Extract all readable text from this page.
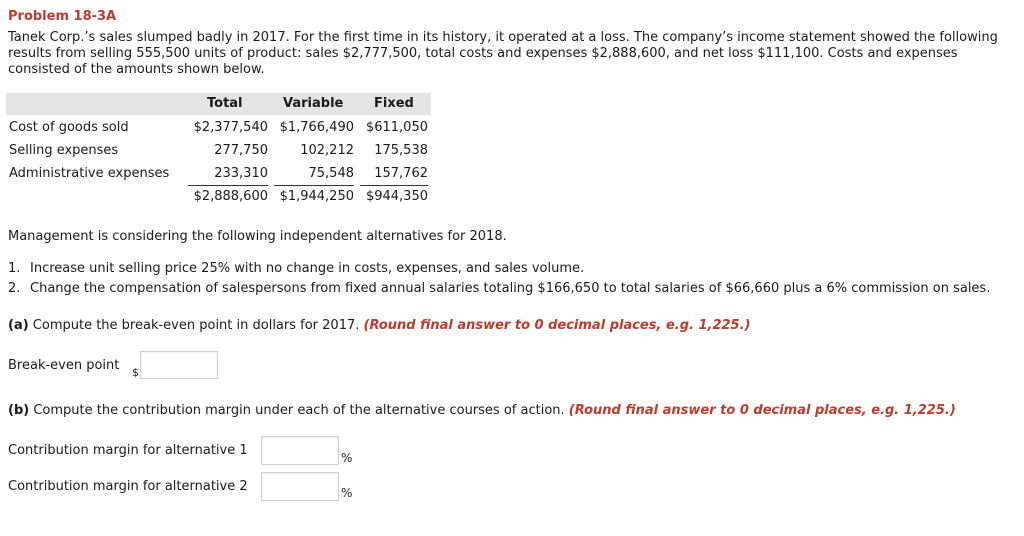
Problem 18-3A
Tanek Corp.’s sales slumped badly in 2017. For the first time in its history, it operated at a loss. The company’s income statement showed the following results from selling 555,500 units of product: sales $2,777,500, total costs and expenses $2,888,600, and net loss $111,100. Costs and expenses consisted of the amounts shown below.
Total	Variable Fixed
Cost of goods sold	$2,377,540 $1,766,490 $611,050
Selling expenses	277,750	102,212	175,538
Administrative expenses	233,310	75,548	157,762
$2,888,600 $1,944,250 $944,350
Management is considering the following independent alternatives for 2018.
1. Increase unit selling price 25% with no change in costs, expenses, and sales volume.
2. Change the compensation of salespersons from fixed annual salaries totaling $166,650 to total salaries of $66,660 plus a 6% commission on sales.
(a) Compute the break-even point in dollars for 2017. (Round final answer to 0 decimal places, e.g. 1,225.)
Break-even point $
(b) Compute the contribution margin under each of the alternative courses of action. (Round final answer to 0 decimal places, e.g. 1,225.)
Contribution margin for alternative 1	%
Contribution margin for alternative 2	%
